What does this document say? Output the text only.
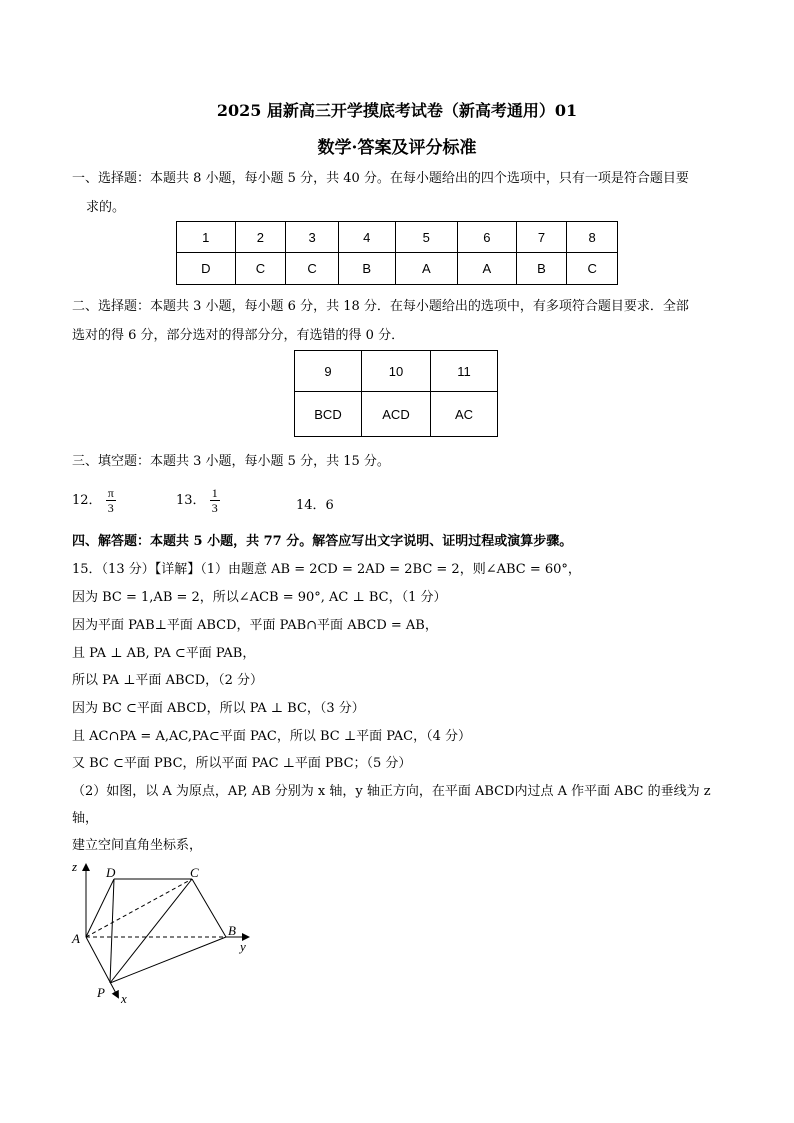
2025 届新高三开学摸底考试卷（新高考通用）01
数学·答案及评分标准
一、选择题：本题共 8 小题，每小题 5 分，共 40 分。在每小题给出的四个选项中，只有一项是符合题目要
求的。
1	2	3	4	5	6	7	8
D	C	C	B	A	A	B	C
二、选择题：本题共 3 小题，每小题 6 分，共 18 分．在每小题给出的选项中，有多项符合题目要求．全部
选对的得 6 分，部分选对的得部分分，有选错的得 0 分．
9	10	11
BCD	ACD	AC
三、填空题：本题共 3 小题，每小题 5 分，共 15 分。
12． $\frac{\pi}{3}$	13． $\frac{1}{3}$	14．6
四、解答题：本题共 5 小题，共 77 分。解答应写出文字说明、证明过程或演算步骤。
15．（13 分）【详解】（1）由题意 AB = 2CD = 2AD = 2BC = 2，则∠ABC = 60°，
因为 BC = 1,AB = 2，所以∠ACB = 90°, AC ⊥ BC，（1 分）
因为平面 PAB⊥平面 ABCD，平面 PAB∩平面 ABCD = AB，
且 PA ⊥ AB, PA ⊂平面 PAB，
所以 PA ⊥平面 ABCD，（2 分）
因为 BC ⊂平面 ABCD，所以 PA ⊥ BC，（3 分）
且 AC∩PA = A,AC,PA⊂平面 PAC，所以 BC ⊥平面 PAC，（4 分）
又 BC ⊂平面 PBC，所以平面 PAC ⊥平面 PBC；（5 分）
（2）如图，以 A 为原点，AP, AB 分别为 x 轴，y 轴正方向，在平面 ABCD内过点 A 作平面 ABC 的垂线为 z
轴，
建立空间直角坐标系，
z D	C
A
B
y
P x
